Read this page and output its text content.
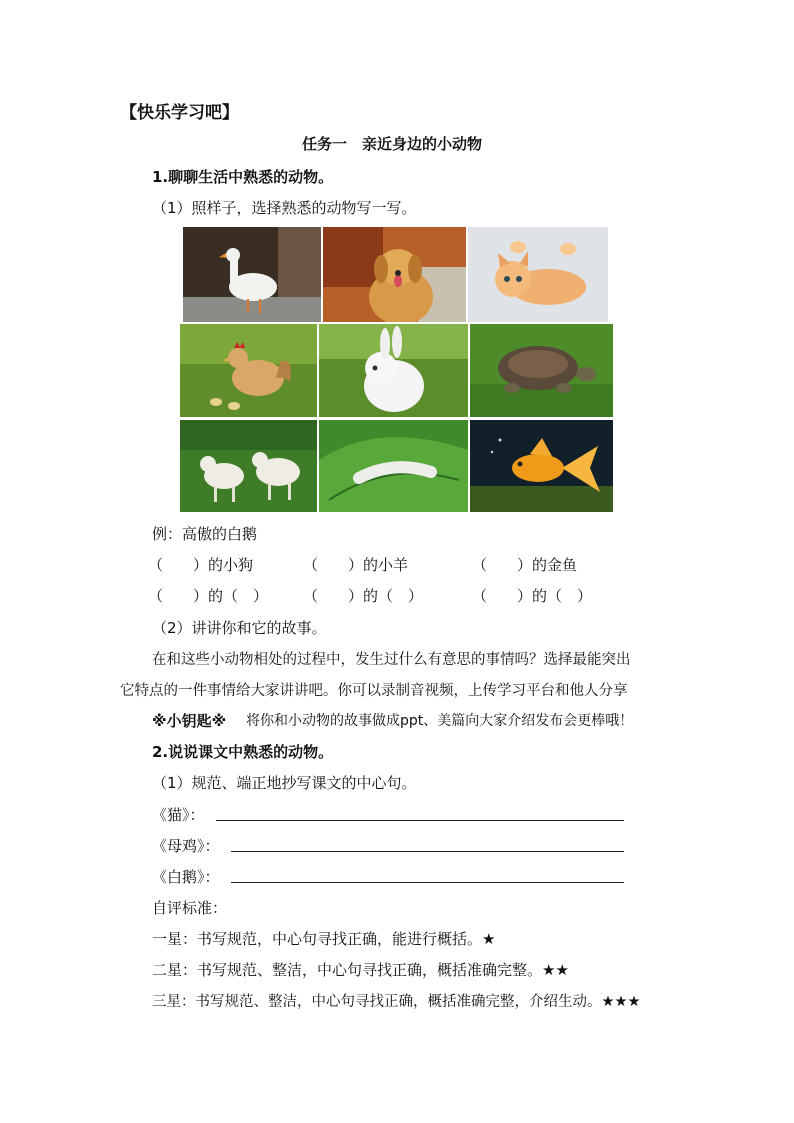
【快乐学习吧】
任务一　亲近身边的小动物
1.聊聊生活中熟悉的动物。
（1）照样子，选择熟悉的动物写一写。
例：高傲的白鹅
（　　）的小狗	（　　）的小羊	（　　）的金鱼
（　　）的（　） （　　）的（　）	（　　）的（　）
（2）讲讲你和它的故事。
在和这些小动物相处的过程中，发生过什么有意思的事情吗？选择最能突出
它特点的一件事情给大家讲讲吧。你可以录制音视频，上传学习平台和他人分享
※小钥匙※ 将你和小动物的故事做成ppt、美篇向大家介绍发布会更棒哦！
2.说说课文中熟悉的动物。
（1）规范、端正地抄写课文的中心句。
《猫》：
《母鸡》：
《白鹅》：
自评标准：
一星：书写规范，中心句寻找正确，能进行概括。★
二星：书写规范、整洁，中心句寻找正确，概括准确完整。★★
三星：书写规范、整洁，中心句寻找正确，概括准确完整，介绍生动。★★★
